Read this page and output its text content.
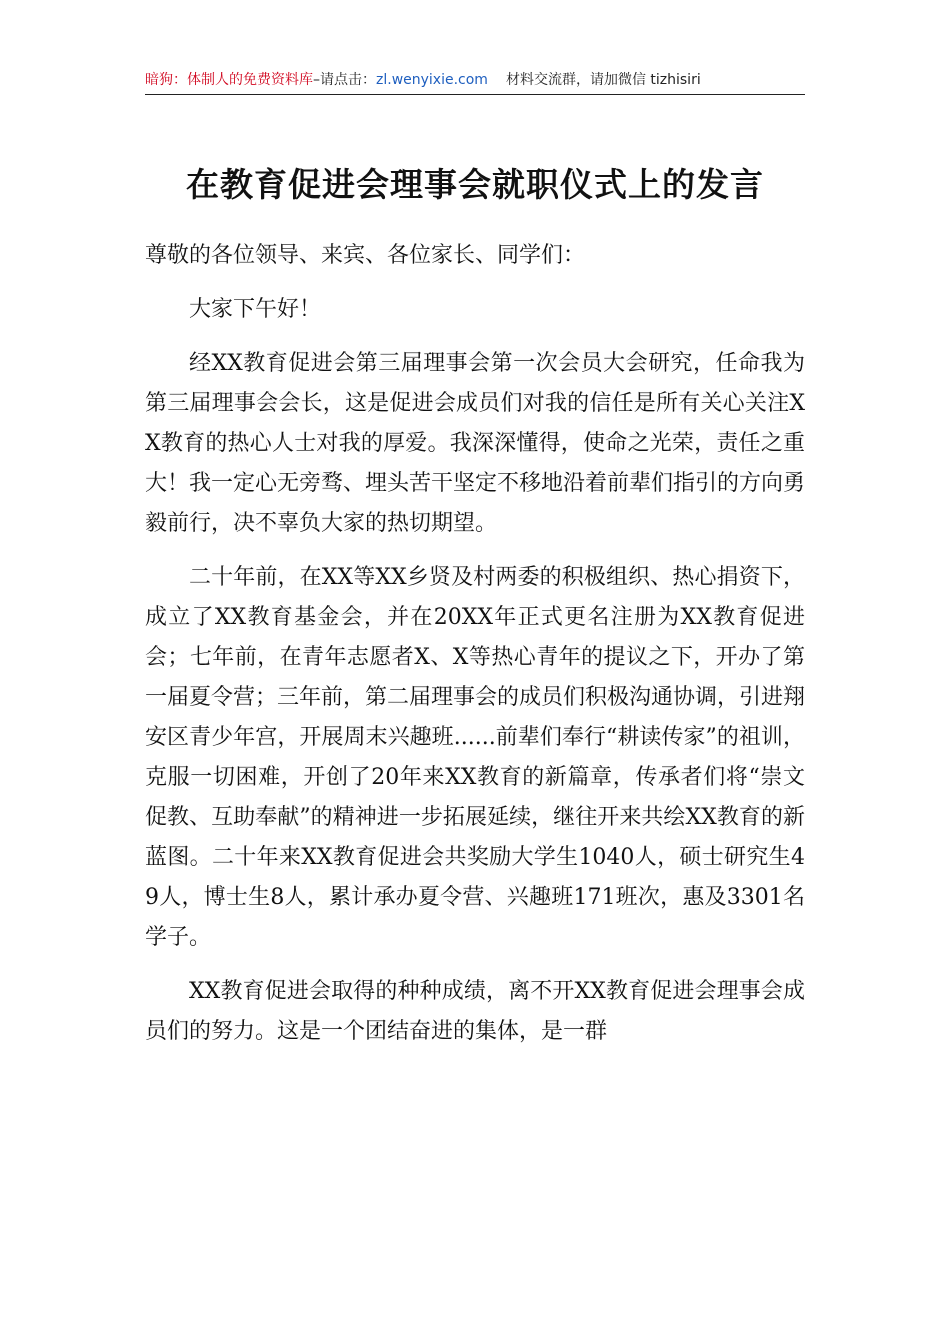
暗狗：体制人的免费资料库–请点击：zl.wenyixie.com 材料交流群，请加微信 tizhisiri
在教育促进会理事会就职仪式上的发言

尊敬的各位领导、来宾、各位家长、同学们：

大家下午好！

经XX教育促进会第三届理事会第一次会员大会研究，任命我为第三届理事会会长，这是促进会成员们对我的信任是所有关心关注XX教育的热心人士对我的厚爱。我深深懂得，使命之光荣，责任之重大！我一定心无旁骛、埋头苦干坚定不移地沿着前辈们指引的方向勇毅前行，决不辜负大家的热切期望。

二十年前，在XX等XX乡贤及村两委的积极组织、热心捐资下，成立了XX教育基金会，并在20XX年正式更名注册为XX教育促进会；七年前，在青年志愿者X、X等热心青年的提议之下，开办了第一届夏令营；三年前，第二届理事会的成员们积极沟通协调，引进翔安区青少年宫，开展周末兴趣班......前辈们奉行“耕读传家”的祖训，克服一切困难，开创了20年来XX教育的新篇章，传承者们将“崇文促教、互助奉献”的精神进一步拓展延续，继往开来共绘XX教育的新蓝图。二十年来XX教育促进会共奖励大学生1040人，硕士研究生49人，博士生8人，累计承办夏令营、兴趣班171班次，惠及3301名学子。

XX教育促进会取得的种种成绩，离不开XX教育促进会理事会成员们的努力。这是一个团结奋进的集体，是一群
